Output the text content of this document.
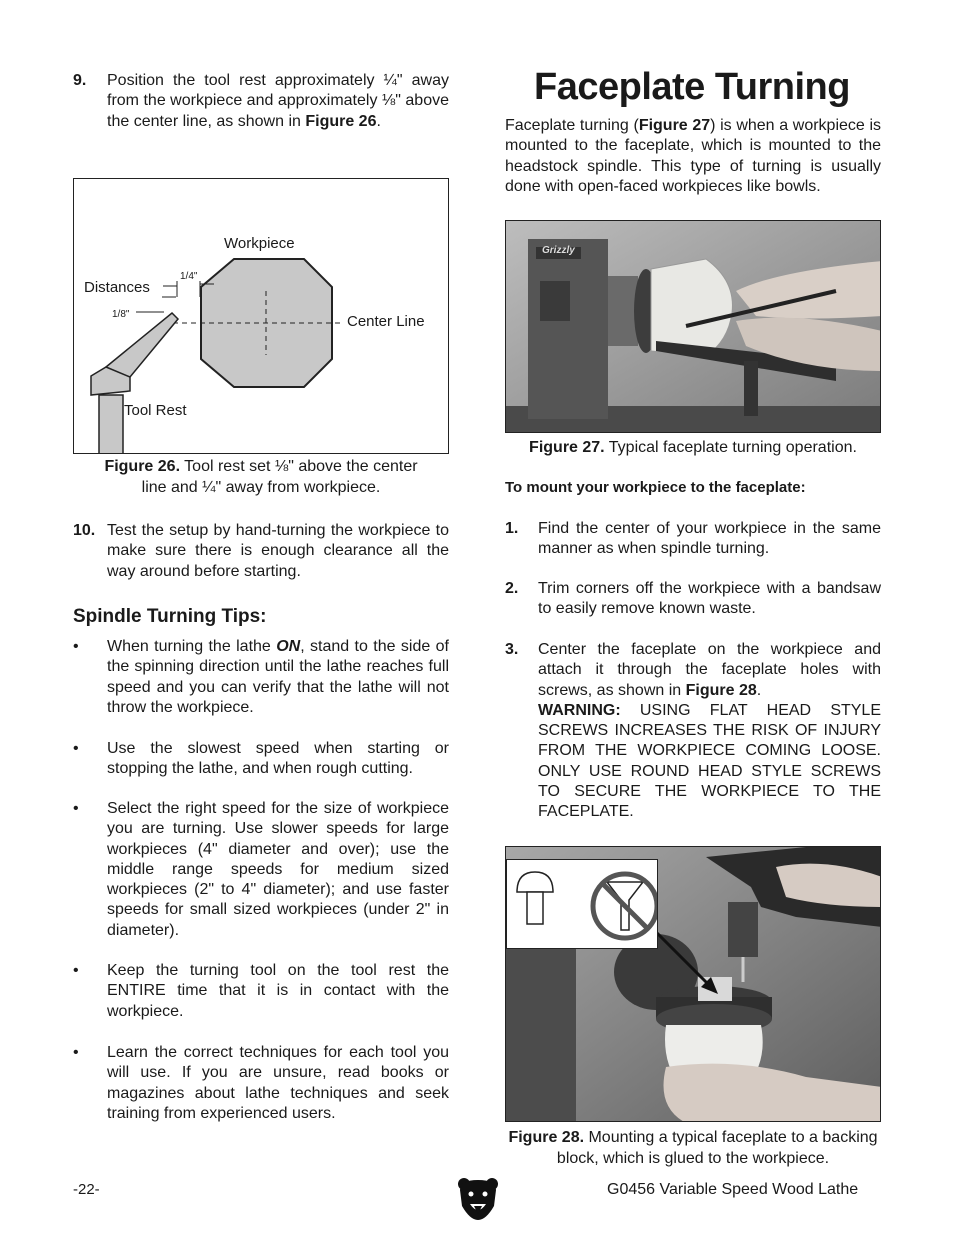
9. Position the tool rest approximately ¼" away from the workpiece and approximately ⅛" above the center line, as shown in Figure 26.
Workpiece
Distances
1/4"
1/8"	Center Line
Tool Rest
Figure 26. Tool rest set ⅛" above the center line and ¼" away from workpiece.
10. Test the setup by hand-turning the workpiece to make sure there is enough clearance all the way around before starting.
Spindle Turning Tips:
• When turning the lathe ON, stand to the side of the spinning direction until the lathe reaches full speed and you can verify that the lathe will not throw the workpiece.
• Use the slowest speed when starting or stopping the lathe, and when rough cutting.
• Select the right speed for the size of workpiece you are turning. Use slower speeds for large workpieces (4" diameter and over); use the middle range speeds for medium sized workpieces (2" to 4" diameter); and use faster speeds for small sized workpieces (under 2" in diameter).
• Keep the turning tool on the tool rest the ENTIRE time that it is in contact with the workpiece.
• Learn the correct techniques for each tool you will use. If you are unsure, read books or magazines about lathe techniques and seek training from experienced users.
Faceplate Turning
Faceplate turning (Figure 27) is when a workpiece is mounted to the faceplate, which is mounted to the headstock spindle. This type of turning is usually done with open-faced workpieces like bowls.
Grizzly
Figure 27. Typical faceplate turning operation.
To mount your workpiece to the faceplate:
1. Find the center of your workpiece in the same manner as when spindle turning.
2. Trim corners off the workpiece with a bandsaw to easily remove known waste.
3. Center the faceplate on the workpiece and attach it through the faceplate holes with screws, as shown in Figure 28.
WARNING: USING FLAT HEAD STYLE SCREWS INCREASES THE RISK OF INJURY FROM THE WORKPIECE COMING LOOSE. ONLY USE ROUND HEAD STYLE SCREWS TO SECURE THE WORKPIECE TO THE FACEPLATE.
Figure 28. Mounting a typical faceplate to a backing block, which is glued to the workpiece.
-22-	G0456 Variable Speed Wood Lathe
